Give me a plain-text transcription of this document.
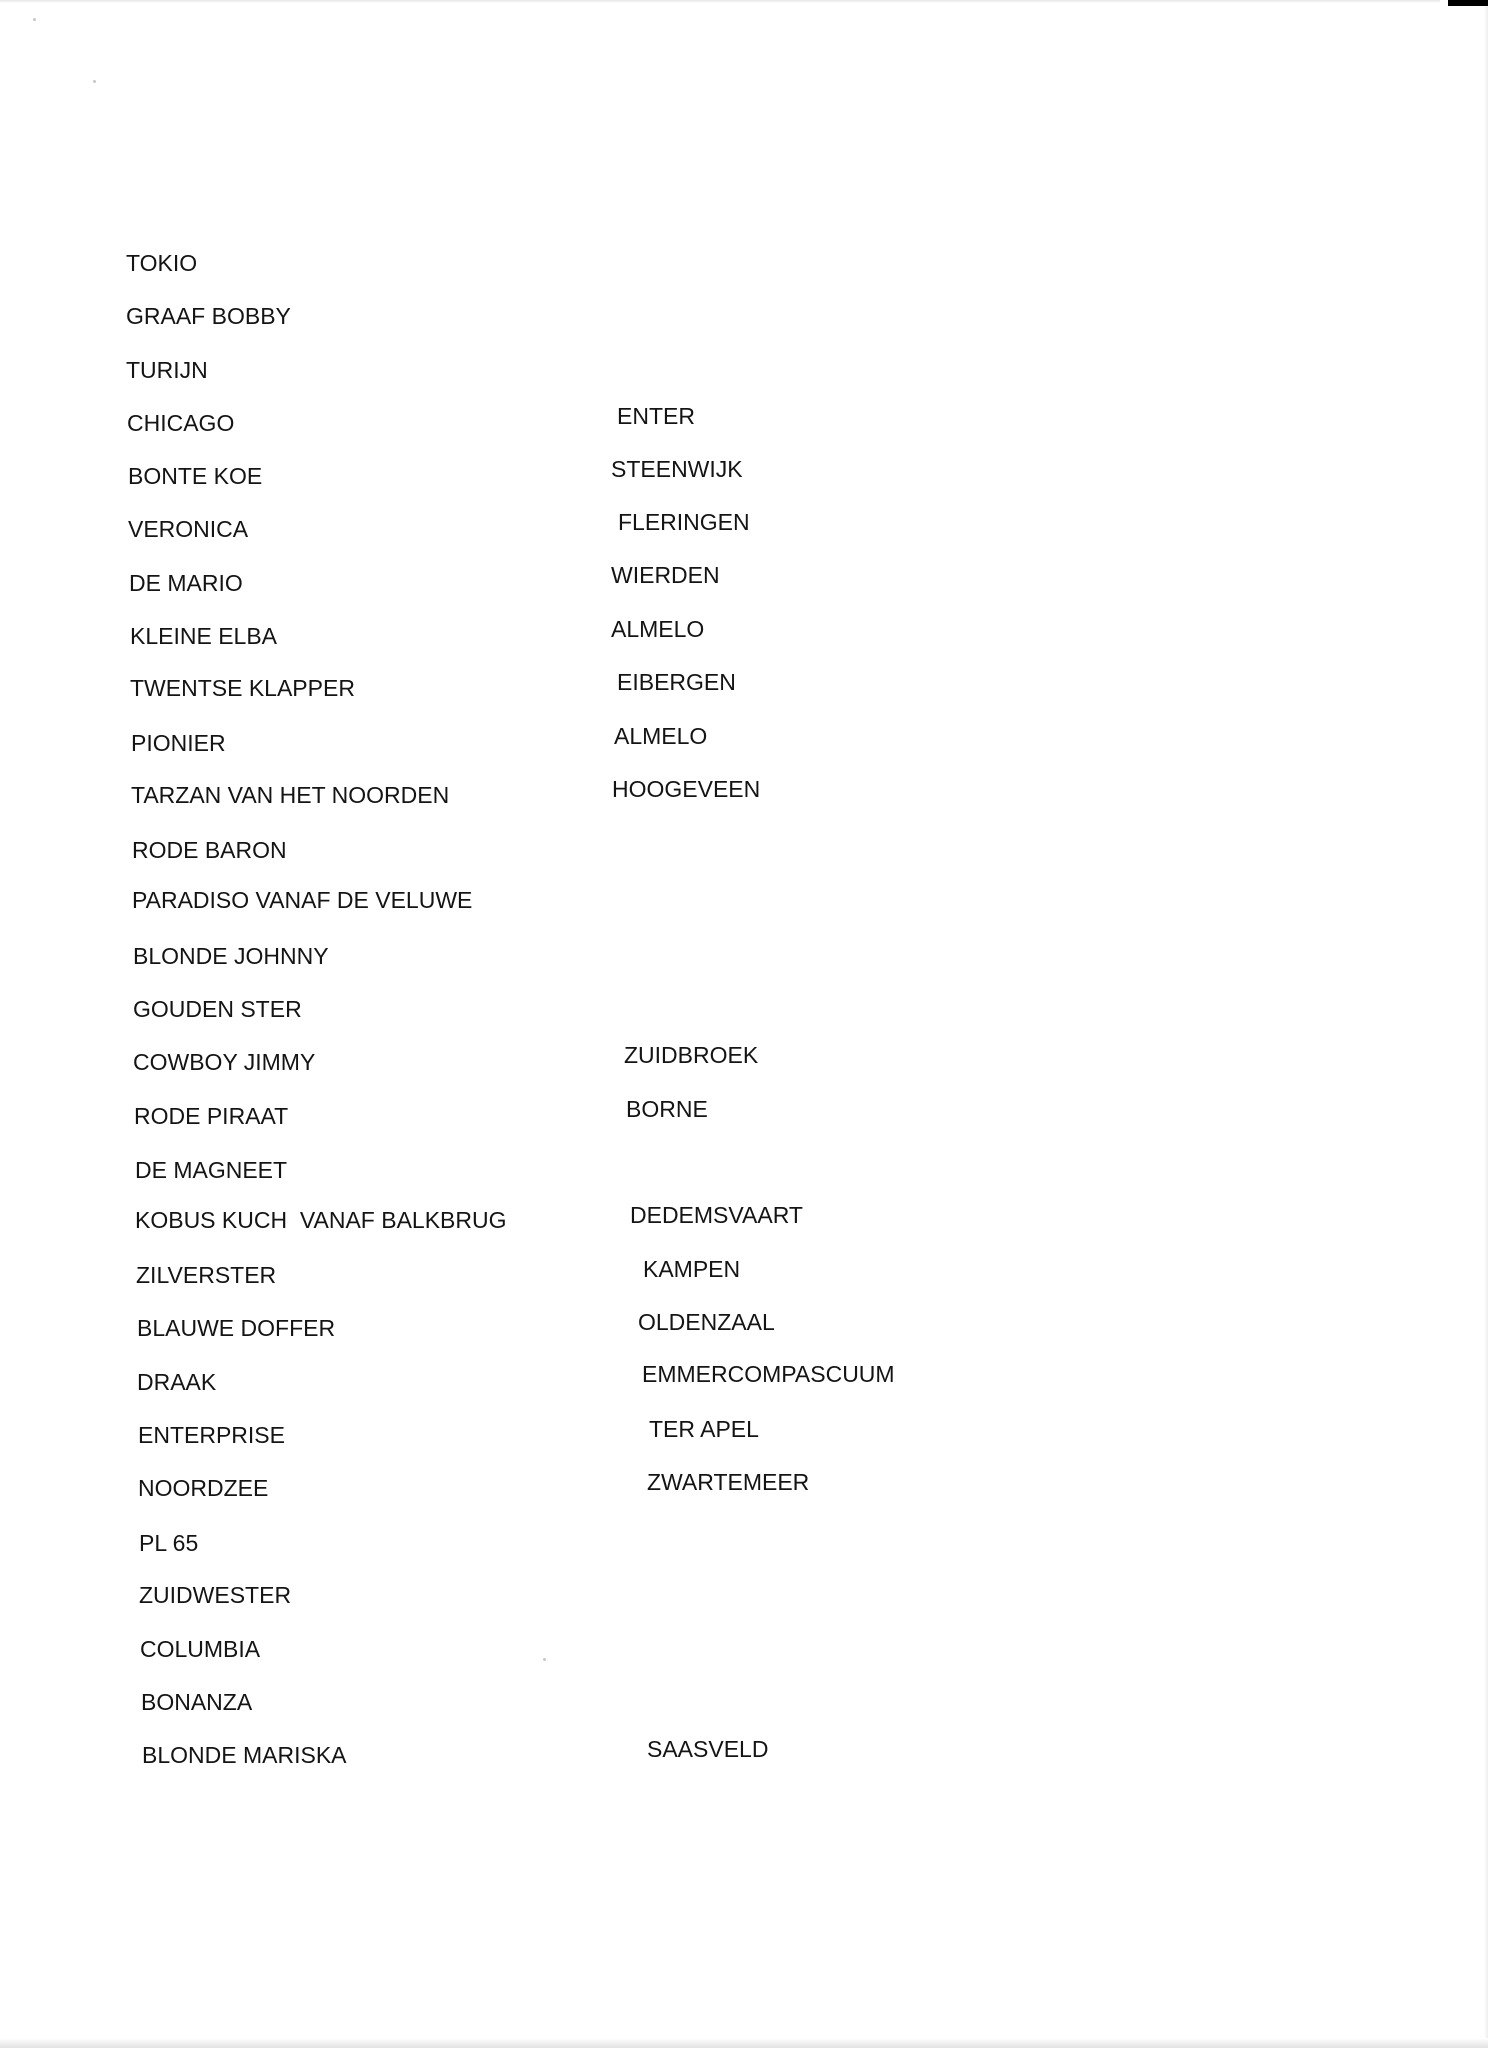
TOKIO
GRAAF BOBBY
TURIJN
CHICAGO
BONTE KOE
VERONICA
DE MARIO
KLEINE ELBA
TWENTSE KLAPPER
PIONIER
TARZAN VAN HET NOORDEN
RODE BARON
PARADISO VANAF DE VELUWE
BLONDE JOHNNY
GOUDEN STER
COWBOY JIMMY
RODE PIRAAT
DE MAGNEET
KOBUS KUCH  VANAF BALKBRUG
ZILVERSTER
BLAUWE DOFFER
DRAAK
ENTERPRISE
NOORDZEE
PL 65
ZUIDWESTER
COLUMBIA
BONANZA
BLONDE MARISKA
ENTER
STEENWIJK
FLERINGEN
WIERDEN
ALMELO
EIBERGEN
ALMELO
HOOGEVEEN
ZUIDBROEK
BORNE
DEDEMSVAART
KAMPEN
OLDENZAAL
EMMERCOMPASCUUM
TER APEL
ZWARTEMEER
SAASVELD
